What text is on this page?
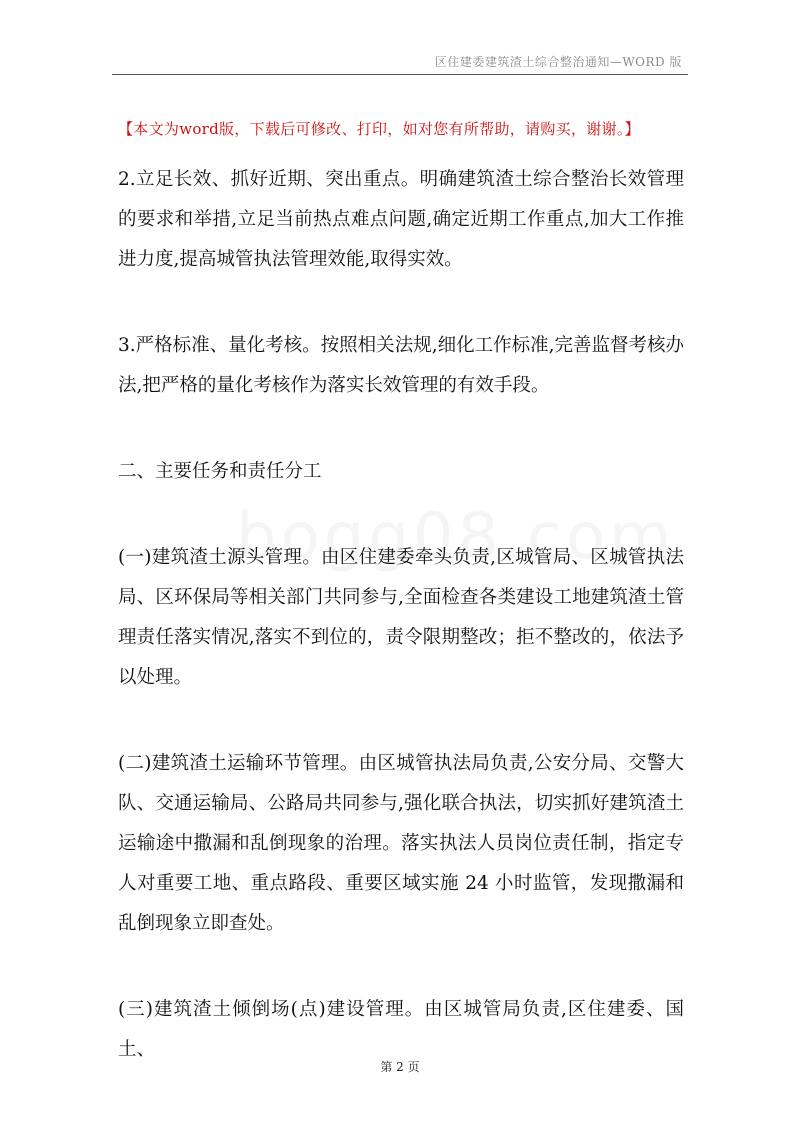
区住建委建筑渣土综合整治通知—WORD 版
【本文为word版，下载后可修改、打印，如对您有所帮助，请购买，谢谢。】

2.立足长效、抓好近期、突出重点。明确建筑渣土综合整治长效管理的要求和举措,立足当前热点难点问题,确定近期工作重点,加大工作推进力度,提高城管执法管理效能,取得实效。

3.严格标准、量化考核。按照相关法规,细化工作标准,完善监督考核办法,把严格的量化考核作为落实长效管理的有效手段。

二、主要任务和责任分工

(一)建筑渣土源头管理。由区住建委牵头负责,区城管局、区城管执法局、区环保局等相关部门共同参与,全面检查各类建设工地建筑渣土管理责任落实情况,落实不到位的，责令限期整改；拒不整改的，依法予以处理。

(二)建筑渣土运输环节管理。由区城管执法局负责,公安分局、交警大队、交通运输局、公路局共同参与,强化联合执法，切实抓好建筑渣土运输途中撒漏和乱倒现象的治理。落实执法人员岗位责任制，指定专人对重要工地、重点路段、重要区域实施 24 小时监管，发现撒漏和乱倒现象立即查处。

(三)建筑渣土倾倒场(点)建设管理。由区城管局负责,区住建委、国土、

第 2 页
